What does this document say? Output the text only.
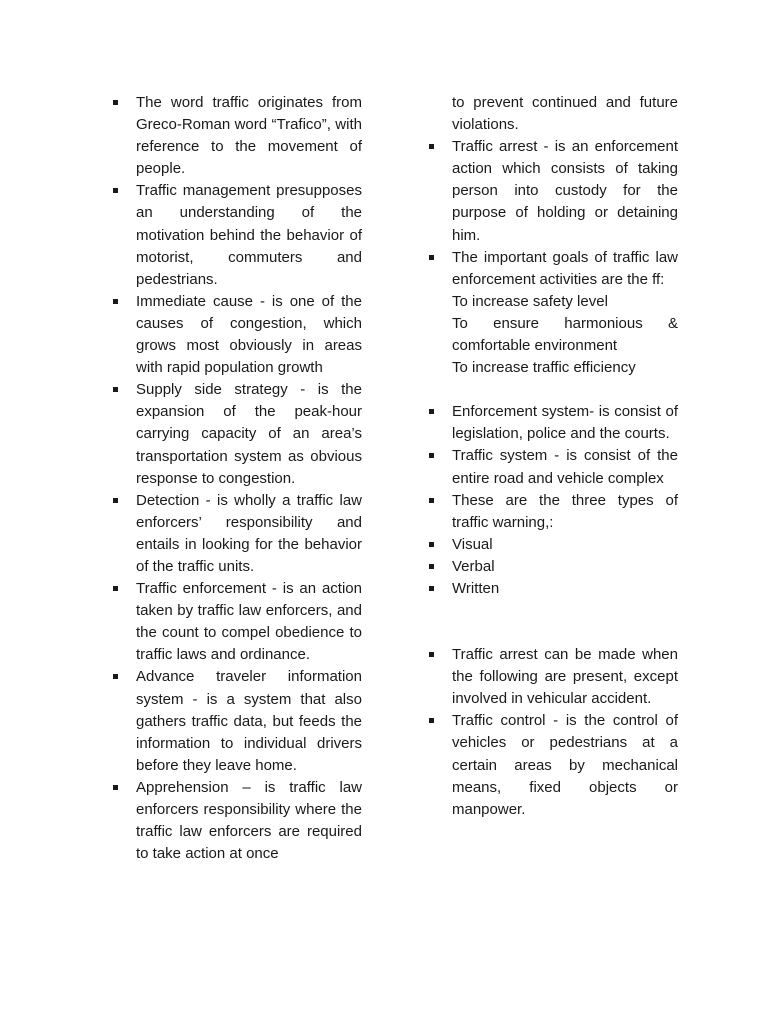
The word traffic originates from Greco-Roman word “Trafico”, with reference to the movement of people.
Traffic management presupposes an understanding of the motivation behind the behavior of motorist, commuters and pedestrians.
Immediate cause - is one of the causes of congestion, which grows most obviously in areas with rapid population growth
Supply side strategy - is the expansion of the peak-hour carrying capacity of an area’s transportation system as obvious response to congestion.
Detection - is wholly a traffic law enforcers’ responsibility and entails in looking for the behavior of the traffic units.
Traffic enforcement - is an action taken by traffic law enforcers, and the count to compel obedience to traffic laws and ordinance.
Advance traveler information system - is a system that also gathers traffic data, but feeds the information to individual drivers before they leave home.
Apprehension – is traffic law enforcers responsibility where the traffic law enforcers are required to take action at once
to prevent continued and future violations.
Traffic arrest - is an enforcement action which consists of taking person into custody for the purpose of holding or detaining him.
The important goals of traffic law enforcement activities are the ff:
To increase safety level
To ensure harmonious & comfortable environment
To increase traffic efficiency
Enforcement system- is consist of legislation, police and the courts.
Traffic system - is consist of the entire road and vehicle complex
These are the three types of traffic warning,:
Visual
Verbal
Written
Traffic arrest can be made when the following are present, except involved in vehicular accident.
Traffic control - is the control of vehicles or pedestrians at a certain areas by mechanical means, fixed objects or manpower.
